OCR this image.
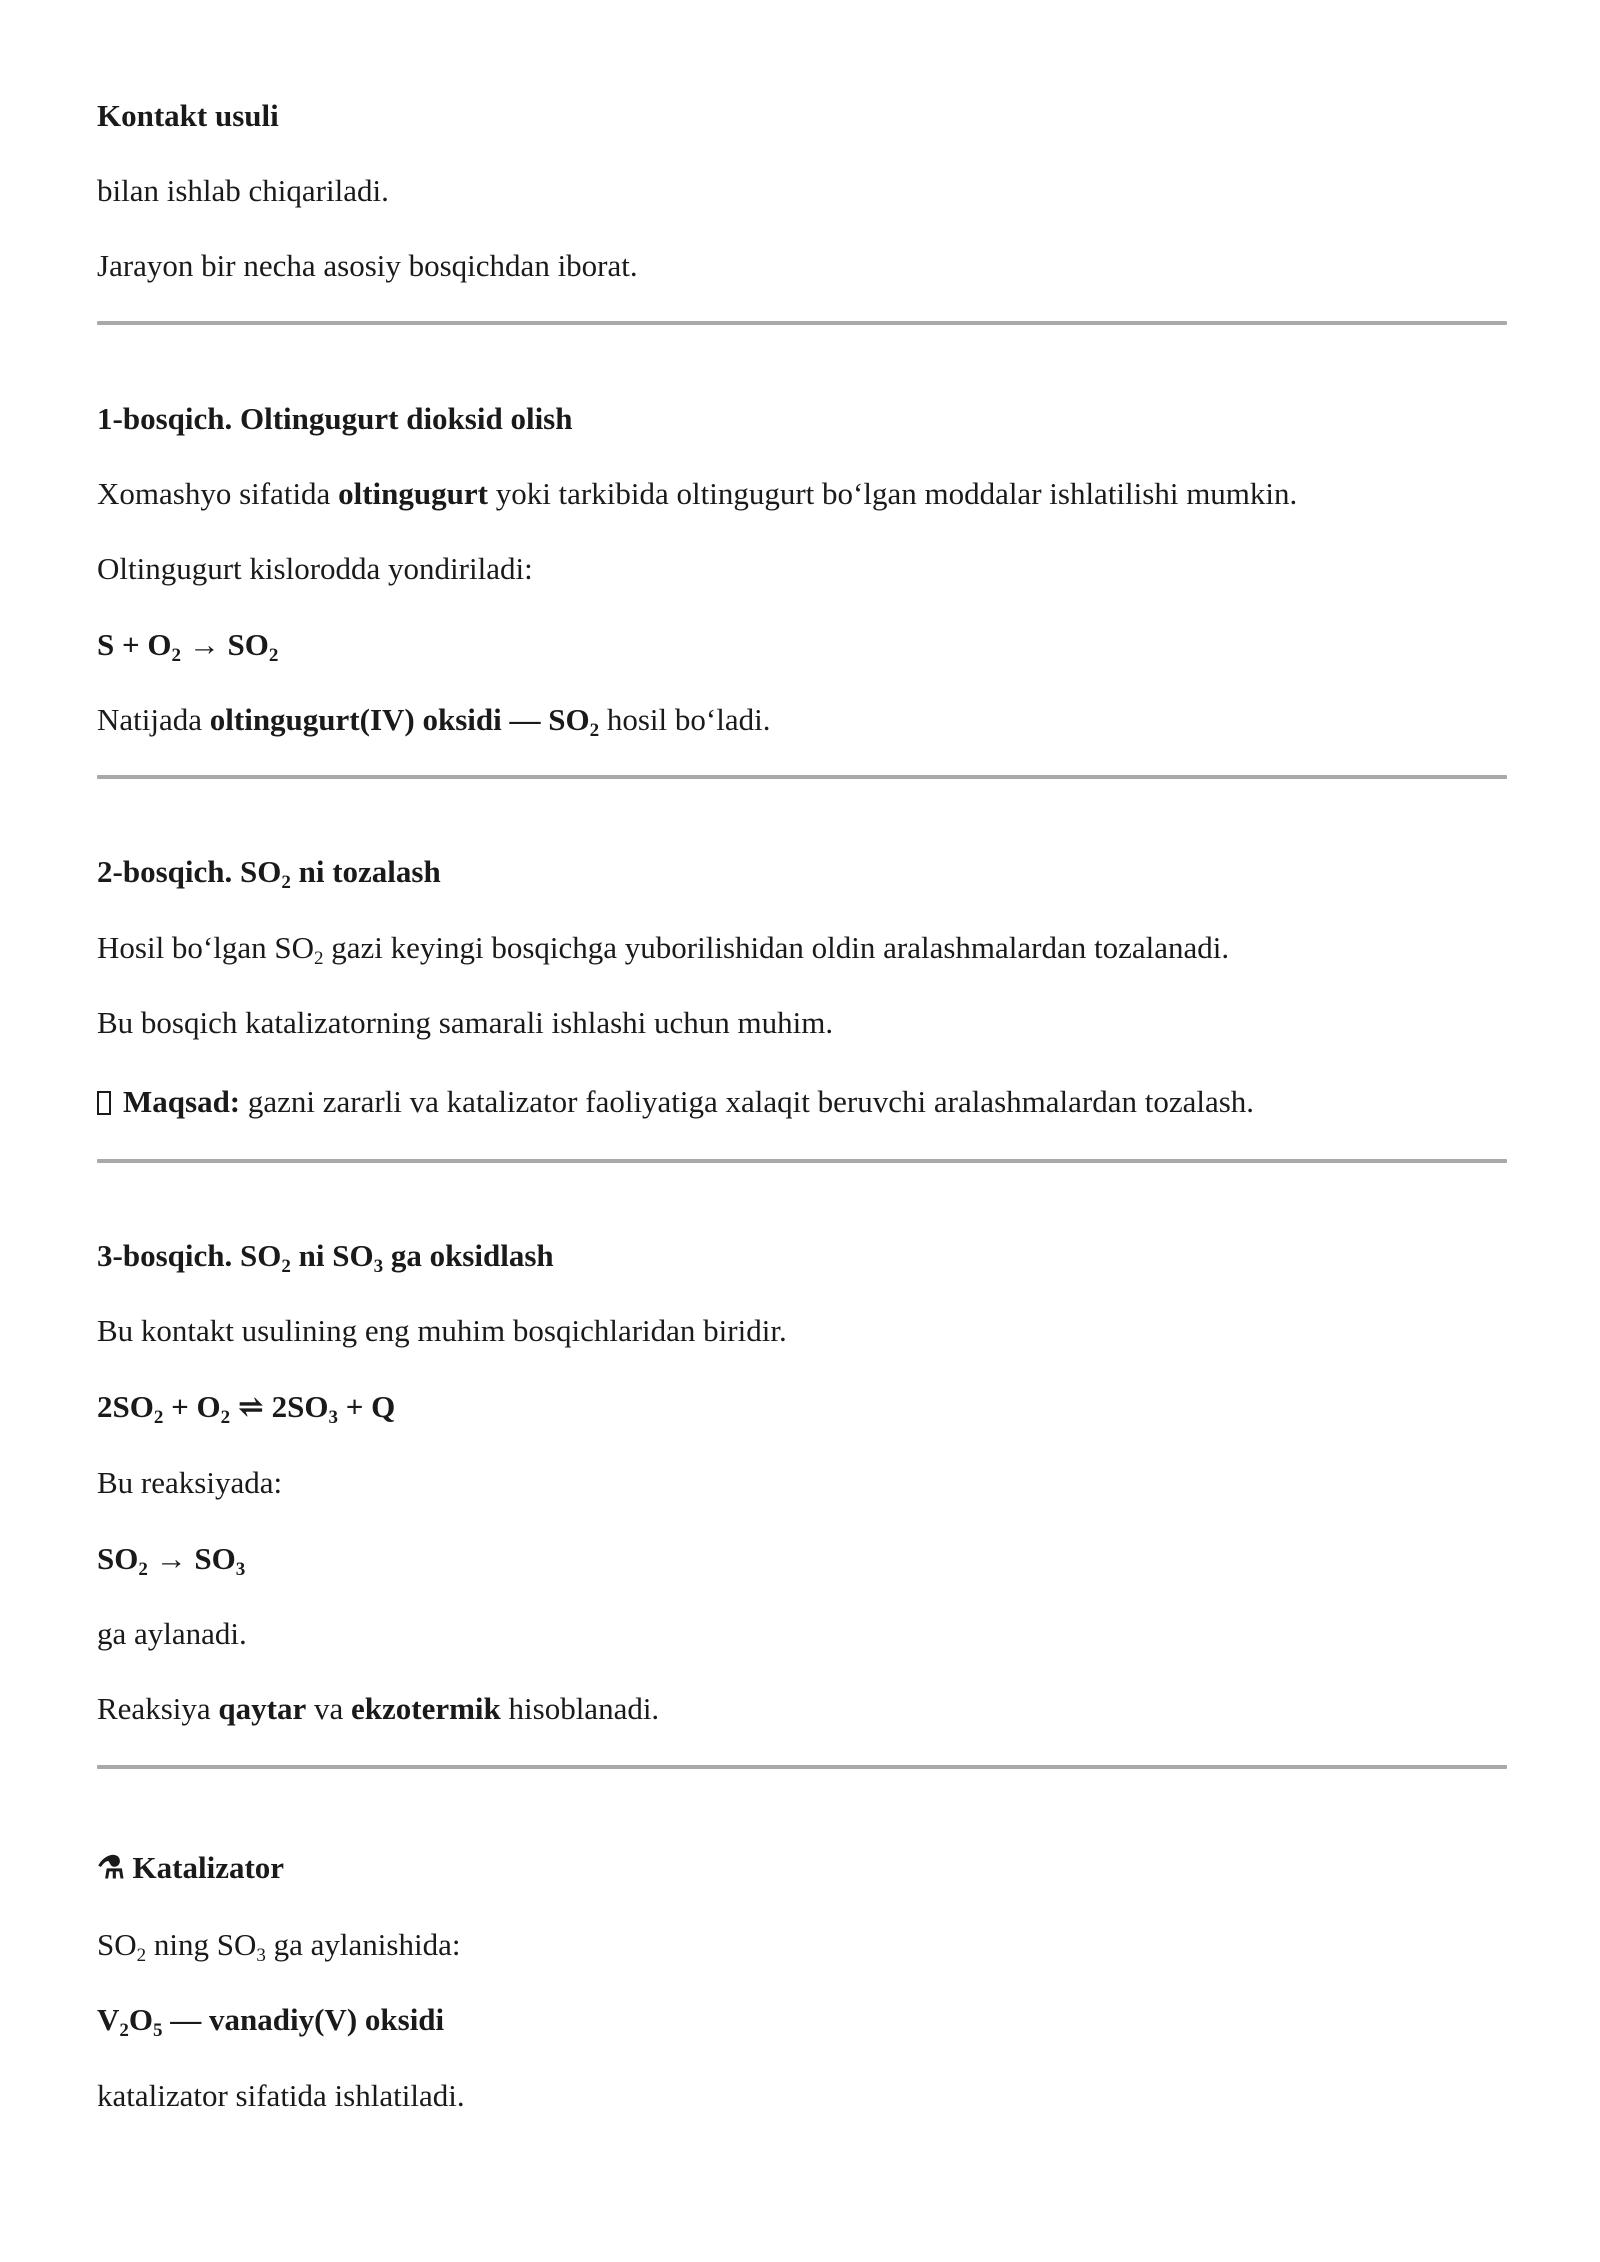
Kontakt usuli

bilan ishlab chiqariladi.

Jarayon bir necha asosiy bosqichdan iborat.

1-bosqich. Oltingugurt dioksid olish

Xomashyo sifatida oltingugurt yoki tarkibida oltingugurt bo‘lgan moddalar ishlatilishi mumkin.

Oltingugurt kislorodda yondiriladi:

$S + O_2 \to SO_2$

Natijada oltingugurt(IV) oksidi — $SO_2$ hosil bo‘ladi.

2-bosqich. $SO_2$ ni tozalash

Hosil bo‘lgan $SO_2$ gazi keyingi bosqichga yuborilishidan oldin aralashmalardan tozalanadi.

Bu bosqich katalizatorning samarali ishlashi uchun muhim.

Maqsad: gazni zararli va katalizator faoliyatiga xalaqit beruvchi aralashmalardan tozalash.

3-bosqich. $SO_2$ ni $SO_3$ ga oksidlash

Bu kontakt usulining eng muhim bosqichlaridan biridir.

$2SO_2 + O_2$ ⇌ $2SO_3 + Q$

Bu reaksiyada:

$SO_2 \to SO_3$

ga aylanadi.

Reaksiya qaytar va ekzotermik hisoblanadi.

⚗ Katalizator

$SO_2$ ning $SO_3$ ga aylanishida:

$V_2O_5$ — vanadiy(V) oksidi

katalizator sifatida ishlatiladi.
